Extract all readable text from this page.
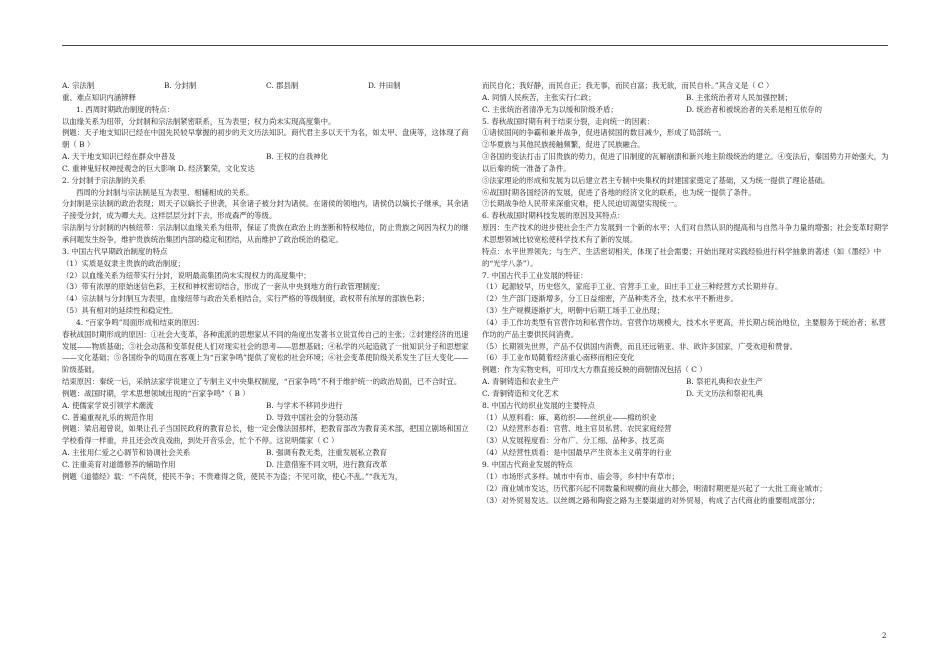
A. 宗法制	B. 分封制	C. 郡县制	D. 井田制
重、难点知识内涵辨释
1. 西周时期政治制度的特点：
以血缘关系为纽带，分封制和宗法制紧密联系，互为表里；权力尚未实现高度集中。
例题：天子地支知识已经在中国先民较早掌握的初步的天文历法知识。商代君主多以天干为名，如太甲、盘庚等，这体现了商朝（ B ）
A. 天干地支知识已经在群众中普及	B. 王权的自我神化
C. 重神鬼好权神授观念的巨大影响 D. 经济繁荣，文化发达
2. 分封制于宗法制的关系
西周的分封制与宗法制是互为表里、相辅相成的关系。
分封制是宗法制的政治表现；周天子以嫡长子世袭，其余诸子被分封为诸侯。在诸侯的领地内，诸侯仍以嫡长子继承，其余诸子接受分封，成为卿大夫。这样层层分封下去，形成森严的等级。
宗法制与分封制的内核纽带：宗法制以血缘关系为纽带，保证了贵族在政治上的垄断和特权地位，防止贵族之间因为权力的继承问题发生纷争，维护贵族统治集团内部的稳定和团结，从而维护了政治统治的稳定。
3. 中国古代早期政治制度的特点
（1）实质是奴隶主贵族的政治制度；
（2）以血缘关系为纽带实行分封，说明最高集团尚未实现权力的高度集中；
（3）带有浓厚的原始迷信色彩，王权和神权密切结合，形成了一套从中央到地方的行政管理制度；
（4）宗法制与分封制互为表里，血缘纽带与政治关系相结合，实行严格的等级制度，政权带有浓厚的部族色彩；
（5）具有相对的延续性和稳定性。
4. “百家争鸣”局面形成和结束的原因：
春秋战国时期形成的原因：①社会大变革，各种流派的思想家从不同的角度出发著书立说宣传自己的主张；②封建经济的迅速发展——物质基础；③社会动荡和变革促使人们对现实社会的思考——思想基础；④私学的兴起造就了一批知识分子和思想家——文化基础；⑤各国纷争的局面在客观上为“百家争鸣”提供了宽松的社会环境；⑥社会变革使阶级关系发生了巨大变化——阶级基础。
结束原因：秦统一后，采纳法家学说建立了专制主义中央集权制度，“百家争鸣”不利于维护统一的政治局面，已不合时宜。
例题：战国时期，学术思想领域出现的“百家争鸣”（ B ）
A. 使儒家学说引领学术潮流	B. 与学术不移同步进行
C. 普遍重视礼乐的规范作用	D. 导致中国社会的分裂动荡
例题：梁启超曾说，如果让孔子当国民政府的教育总长，他一定会像法国那样，把教育部改为教育美术部，把国立剧场和国立学校看得一样重，并且还会改良戏曲，到处开音乐会，忙个不停。这说明儒家（ C ）
A. 主张用仁爱之心调节和协调社会关系	B. 强调有教无类，注重发展私立教育
C. 注重美育对道德修养的辅助作用	D. 注意借鉴不同文明，进行教育改革
例题《道德经》载：“不尚贤，使民不争；不贵难得之货，使民不为盗；不见可欲，使心不乱。”“我无为，
而民自化；我好静，而民自正；我无事，而民自富；我无欲，而民自朴。”其含义是（ C ）
A. 同情人民疾苦，主张实行仁政；	B. 主张统治者对人民加强控制；
C. 主张统治者清净无为以缓和阶级矛盾；	D. 统治者和被统治者的关系是相互依存的
5. 春秋战国时期有利于结束分裂，走向统一的因素：
①诸侯国间的争霸和兼并战争，促进诸侯国的数目减少，形成了局部统一。
②华夏族与其他民族接触频繁，促进了民族融合。
③各国的变法打击了旧贵族的势力，促进了旧制度的瓦解崩溃和新兴地主阶级统治的建立。④变法后，秦国势力开始强大，为以后秦的统一准备了条件。
⑤法家理论的形成和发展为以后建立君主专制中央集权的封建国家奠定了基础，又为统一提供了理论基础。
⑥战国时期各国经济的发展，促进了各地的经济文化的联系，也为统一提供了条件。
⑦长期战争给人民带来深重灾难，使人民迫切渴望实现统一。
6. 春秋战国时期科技发展的原因及其特点：
原因：生产技术的进步使社会生产力发展到一个新的水平；人们对自然认识的提高和与自然斗争力量的增强；社会变革时期学术思想领域比较宽松使科学技术有了新的发展。
特点：水平世界领先；与生产、生活密切相关，体现了社会需要；开始出现对实践经验进行科学抽象的著述（如《墨经》中的“光学八条”）。
7. 中国古代手工业发展的特征：
（1）起源较早，历史悠久，家庭手工业、官营手工业，田庄手工业三种经营方式长期并存。
（2）生产部门逐渐增多，分工日益细密，产品种类齐全，技术水平不断进步。
（3）生产规模逐渐扩大，明朝中后期工场手工业出现；
（4）手工作坊类型有官营作坊和私营作坊。官营作坊规模大，技术水平更高，并长期占统治地位，主要服务于统治者；私营作坊的产品主要供民间消费。
（5）长期领先世界，产品不仅供国内消费，而且还远销亚、非、欧许多国家，广受欢迎和赞誉。
（6）手工业布局随着经济重心南移而相应变化
例题：作为实物史料，可印戊大方鼎直接反映的商朝情况包括（ C ）
A. 青铜铸造和农业生产	B. 祭祀礼典和农业生产
C. 青铜铸造和文化艺术	D. 天文历法和祭祀礼典
8. 中国古代纺织业发展的主要特点
（1）从原料看：麻、葛纺织——丝织业——棉纺织业
（2）从经营形态看：官营、地主官员私营、农民家庭经营
（3）从发展程度看：分布广、分工细、品种多、技艺高
（4）从经营性质看：是中国最早产生资本主义萌芽的行业
9. 中国古代商业发展的特点
（1）市场形式多样。城市中有市、庙会等，乡村中有草市；
（2）商业城市发达，历代都兴起不同数量和规模的商业大都会，明清时期更是兴起了一大批工商业城市；
（3）对外贸易发达。以丝绸之路和陶瓷之路为主要渠道的对外贸易，构成了古代商业的重要组成部分；
2
